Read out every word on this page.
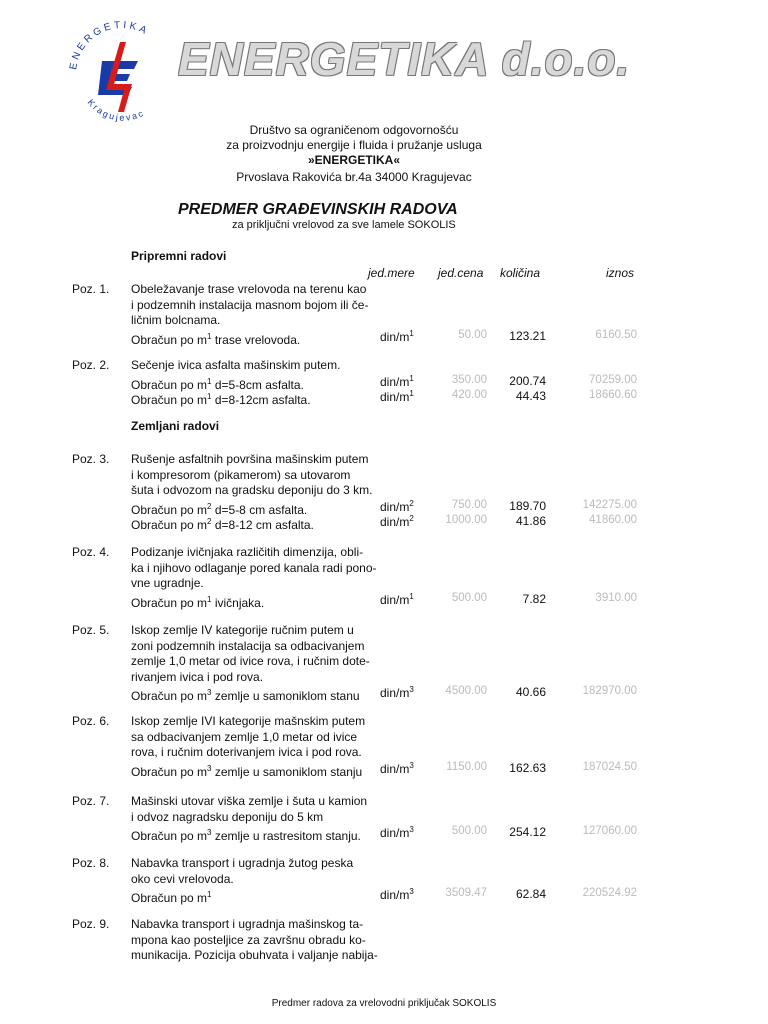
ENERGETIKA
Kragujevac
ENERGETIKA d.o.o.
Društvo sa ograničenom odgovornošću
za proizvodnju energije i fluida i pružanje usluga
»ENERGETIKA«
Prvoslava Rakovića br.4a 34000 Kragujevac
PREDMER GRAĐEVINSKIH RADOVA
za priključni vrelovod za sve lamele SOKOLIS
Pripremni radovi
jed.mere jed.cena količina	iznos
Zemljani radovi
Poz. 1. Obeležavanje trase vrelovoda na terenu kao
i podzemnih instalacija masnom bojom ili če-
ličnim bolcnama.
Obračun po $m^1$ trase vrelovoda.	din/$m^1$	50.00	123.21	6160.50
Poz. 2. Sečenje ivica asfalta mašinskim putem.
Obračun po $m^1$ d=5-8cm asfalta.	din/$m^1$	350.00	200.74	70259.00
Obračun po $m^1$ d=8-12cm asfalta.	din/$m^1$	420.00	44.43	18660.60
Poz. 3. Rušenje asfaltnih površina mašinskim putem
i kompresorom (pikamerom) sa utovarom
šuta i odvozom na gradsku deponiju do 3 km.
Obračun po $m^2$ d=5-8 cm asfalta.	din/$m^2$	750.00	189.70	142275.00
Obračun po $m^2$ d=8-12 cm asfalta.	din/$m^2$	1000.00	41.86	41860.00
Poz. 4. Podizanje ivičnjaka različitih dimenzija, obli-
ka i njihovo odlaganje pored kanala radi pono-
vne ugradnje.
Obračun po $m^1$ ivičnjaka.	din/$m^1$	500.00	7.82	3910.00
Poz. 5. Iskop zemlje IV kategorije ručnim putem u
zoni podzemnih instalacija sa odbacivanjem
zemlje 1,0 metar od ivice rova, i ručnim dote-
rivanjem ivica i pod rova.
Obračun po $m^3$ zemlje u samoniklom stanu	din/$m^3$	4500.00	40.66	182970.00
Poz. 6. Iskop zemlje IVI kategorije mašnskim putem
sa odbacivanjem zemlje 1,0 metar od ivice
rova, i ručnim doterivanjem ivica i pod rova.
Obračun po $m^3$ zemlje u samoniklom stanju	din/$m^3$	1150.00	162.63	187024.50
Poz. 7. Mašinski utovar viška zemlje i šuta u kamion
i odvoz nagradsku deponiju do 5 km
Obračun po $m^3$ zemlje u rastresitom stanju.	din/$m^3$	500.00	254.12	127060.00
Poz. 8. Nabavka transport i ugradnja žutog peska
oko cevi vrelovoda.
Obračun po $m^1$	din/$m^3$	3509.47	62.84	220524.92
Poz. 9. Nabavka transport i ugradnja mašinskog ta-
mpona kao posteljice za završnu obradu ko-
munikacija. Pozicija obuhvata i valjanje nabija-
Predmer radova za vrelovodni priključak SOKOLIS
